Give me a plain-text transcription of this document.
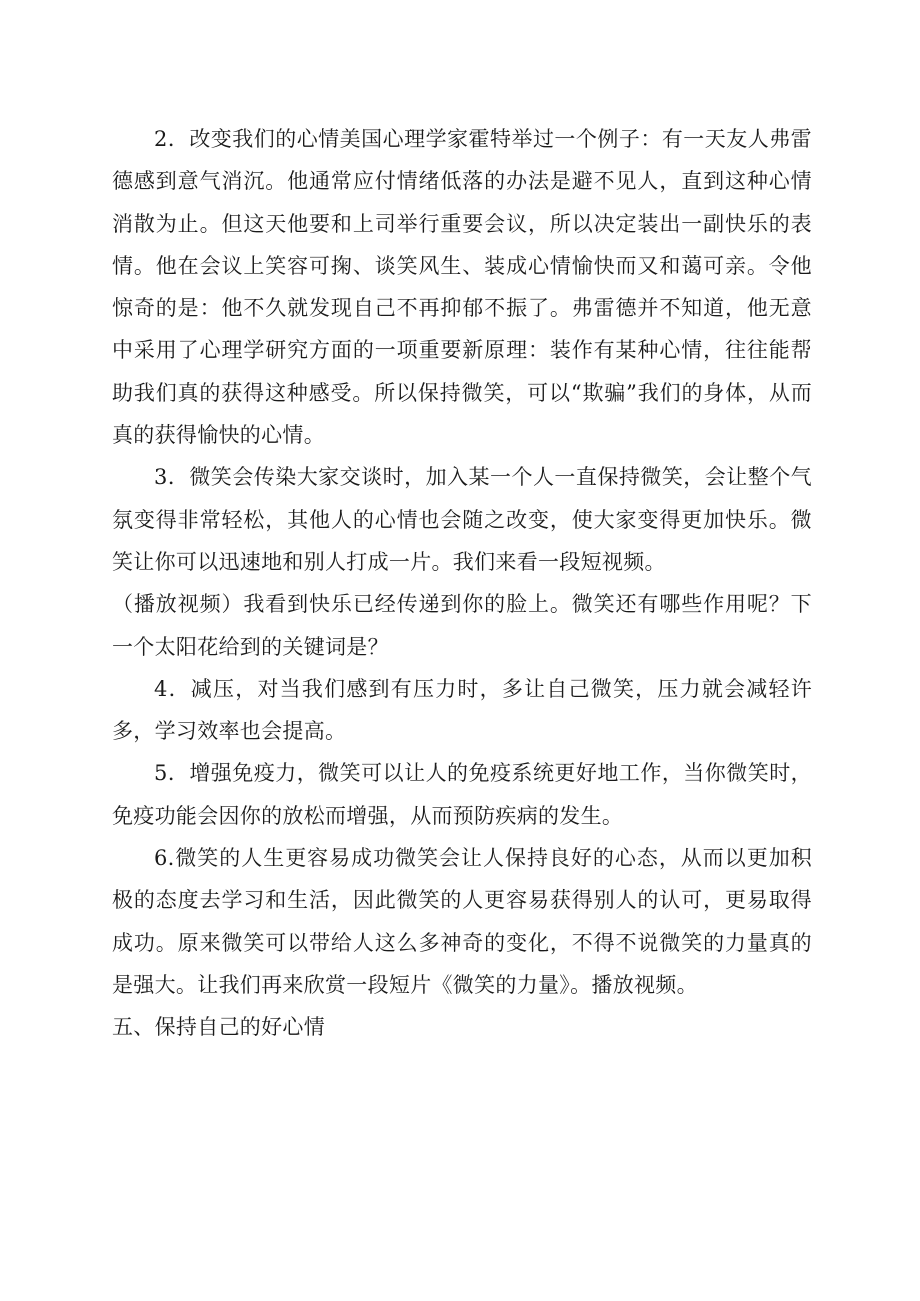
2．改变我们的心情美国心理学家霍特举过一个例子：有一天友人弗雷德感到意气消沉。他通常应付情绪低落的办法是避不见人，直到这种心情消散为止。但这天他要和上司举行重要会议，所以决定装出一副快乐的表情。他在会议上笑容可掬、谈笑风生、装成心情愉快而又和蔼可亲。令他惊奇的是：他不久就发现自己不再抑郁不振了。弗雷德并不知道，他无意中采用了心理学研究方面的一项重要新原理：装作有某种心情，往往能帮助我们真的获得这种感受。所以保持微笑，可以“欺骗”我们的身体，从而真的获得愉快的心情。

3．微笑会传染大家交谈时，加入某一个人一直保持微笑，会让整个气氛变得非常轻松，其他人的心情也会随之改变，使大家变得更加快乐。微笑让你可以迅速地和别人打成一片。我们来看一段短视频。

（播放视频）我看到快乐已经传递到你的脸上。微笑还有哪些作用呢？下一个太阳花给到的关键词是？

4．减压，对当我们感到有压力时，多让自己微笑，压力就会减轻许多，学习效率也会提高。

5．增强免疫力，微笑可以让人的免疫系统更好地工作，当你微笑时，免疫功能会因你的放松而增强，从而预防疾病的发生。

6.微笑的人生更容易成功微笑会让人保持良好的心态，从而以更加积极的态度去学习和生活，因此微笑的人更容易获得别人的认可，更易取得成功。原来微笑可以带给人这么多神奇的变化，不得不说微笑的力量真的是强大。让我们再来欣赏一段短片《微笑的力量》。播放视频。

五、保持自己的好心情
